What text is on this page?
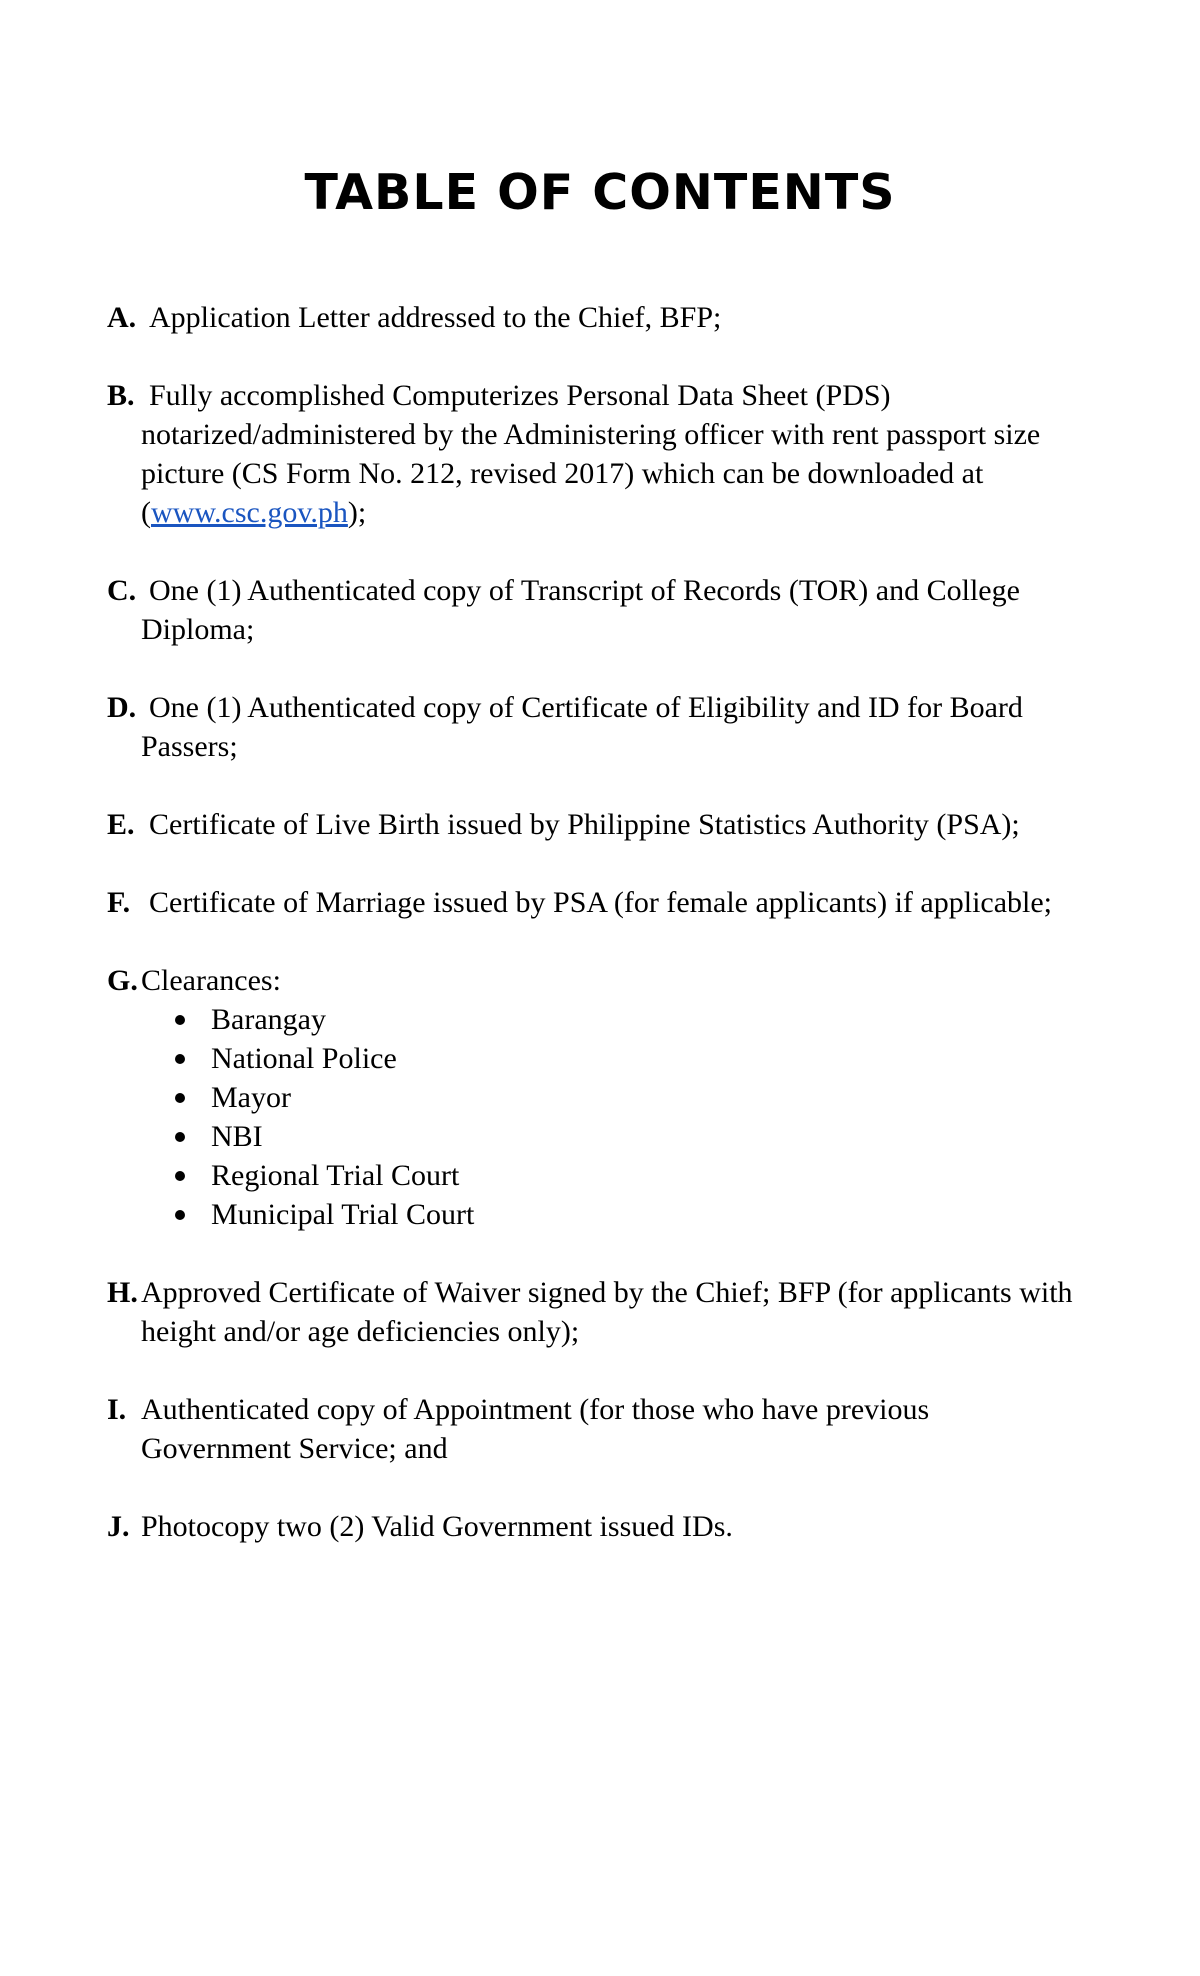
TABLE OF CONTENTS
A. Application Letter addressed to the Chief, BFP;
B. Fully accomplished Computerizes Personal Data Sheet (PDS)
notarized/administered by the Administering officer with rent passport size
picture (CS Form No. 212, revised 2017) which can be downloaded at
(www.csc.gov.ph);
C. One (1) Authenticated copy of Transcript of Records (TOR) and College
Diploma;
D. One (1) Authenticated copy of Certificate of Eligibility and ID for Board
Passers;
E. Certificate of Live Birth issued by Philippine Statistics Authority (PSA);
F. Certificate of Marriage issued by PSA (for female applicants) if applicable;
G. Clearances:
Barangay
National Police
Mayor
NBI
Regional Trial Court
Municipal Trial Court
H. Approved Certificate of Waiver signed by the Chief; BFP (for applicants with
height and/or age deficiencies only);
I. Authenticated copy of Appointment (for those who have previous
Government Service; and
J. Photocopy two (2) Valid Government issued IDs.
